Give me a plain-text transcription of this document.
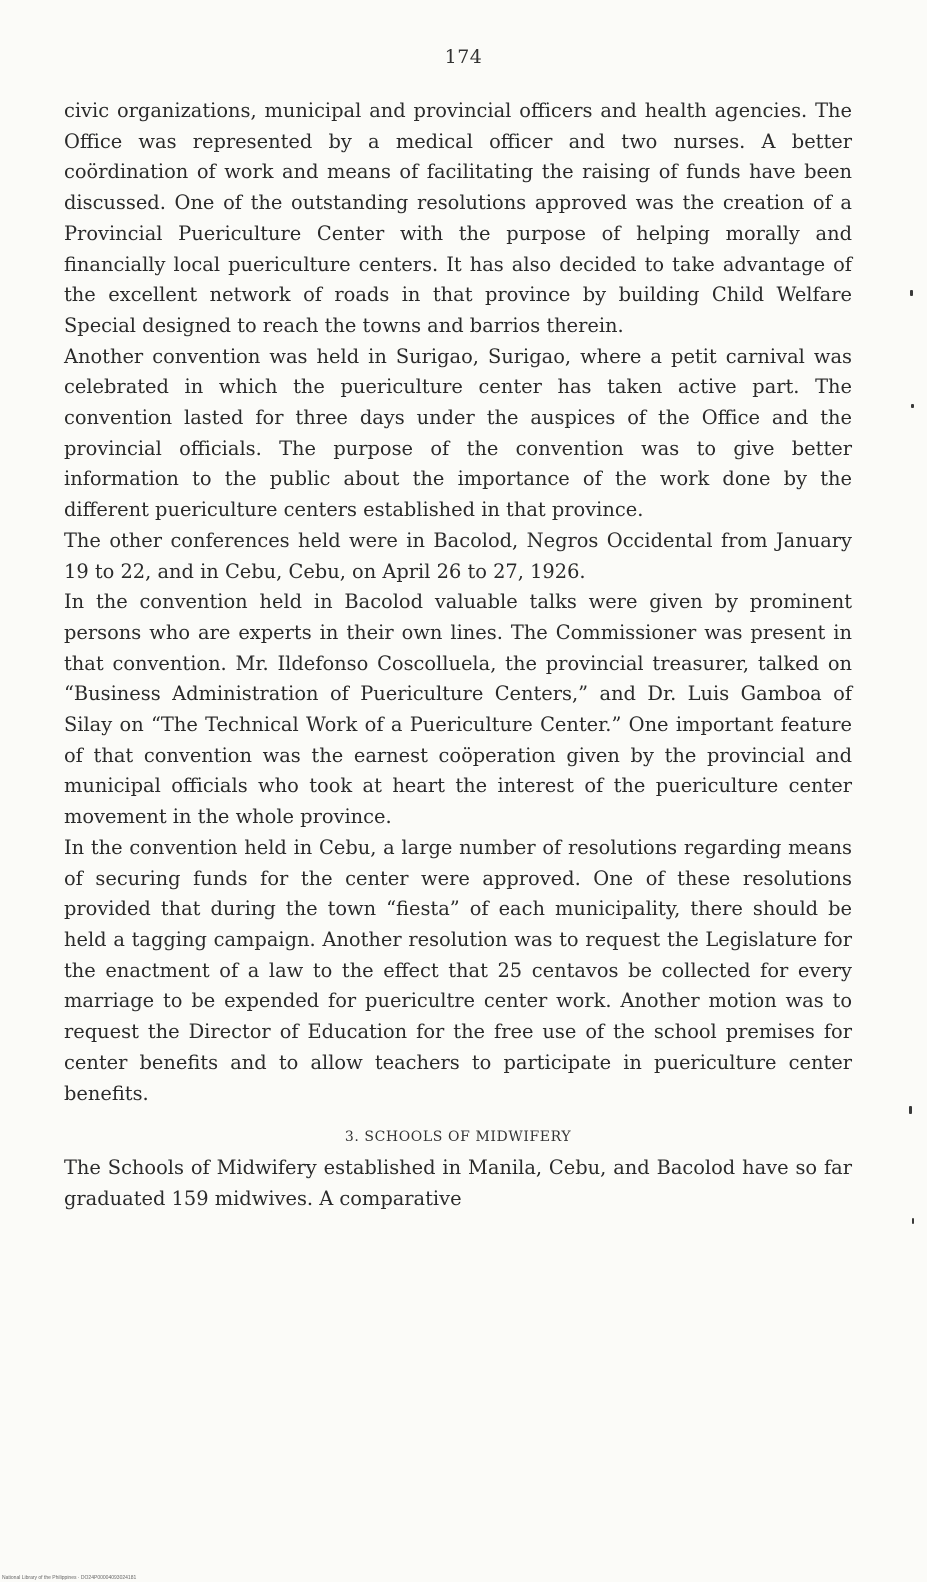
174

civic organizations, municipal and provincial officers and health agencies. The Office was represented by a medical officer and two nurses. A better coördination of work and means of facilitating the raising of funds have been discussed. One of the outstanding resolutions approved was the creation of a Provincial Puericulture Center with the purpose of helping morally and financially local puericulture centers. It has also decided to take advantage of the excellent network of roads in that province by building Child Welfare Special designed to reach the towns and barrios therein.

Another convention was held in Surigao, Surigao, where a petit carnival was celebrated in which the puericulture center has taken active part. The convention lasted for three days under the auspices of the Office and the provincial officials. The purpose of the convention was to give better information to the public about the importance of the work done by the different puericulture centers established in that province.

The other conferences held were in Bacolod, Negros Occidental from January 19 to 22, and in Cebu, Cebu, on April 26 to 27, 1926.

In the convention held in Bacolod valuable talks were given by prominent persons who are experts in their own lines. The Commissioner was present in that convention. Mr. Ildefonso Coscolluela, the provincial treasurer, talked on “Business Administration of Puericulture Centers,” and Dr. Luis Gamboa of Silay on “The Technical Work of a Puericulture Center.” One important feature of that convention was the earnest coöperation given by the provincial and municipal officials who took at heart the interest of the puericulture center movement in the whole province.

In the convention held in Cebu, a large number of resolutions regarding means of securing funds for the center were approved. One of these resolutions provided that during the town “fiesta” of each municipality, there should be held a tagging campaign. Another resolution was to request the Legislature for the enactment of a law to the effect that 25 centavos be collected for every marriage to be expended for puericultre center work. Another motion was to request the Director of Education for the free use of the school premises for center benefits and to allow teachers to participate in puericulture center benefits.

3. SCHOOLS OF MIDWIFERY

The Schools of Midwifery established in Manila, Cebu, and Bacolod have so far graduated 159 midwives. A comparative

National Library of the Philippines · DO24P00004093024181
